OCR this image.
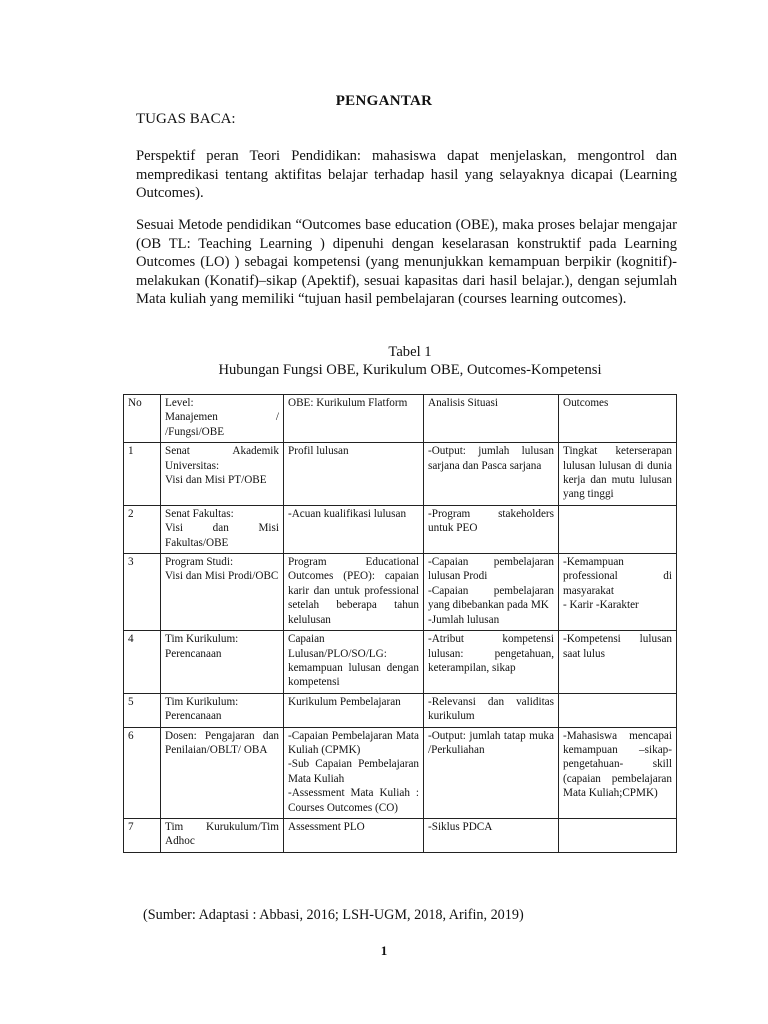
PENGANTAR
TUGAS BACA:
Perspektif peran Teori Pendidikan: mahasiswa dapat menjelaskan, mengontrol dan mempredikasi tentang aktifitas belajar terhadap hasil yang selayaknya dicapai (Learning Outcomes).
Sesuai Metode pendidikan “Outcomes base education (OBE), maka proses belajar mengajar (OB TL: Teaching Learning ) dipenuhi dengan keselarasan konstruktif pada Learning Outcomes (LO) ) sebagai kompetensi (yang menunjukkan kemampuan berpikir (kognitif)-melakukan (Konatif)–sikap (Apektif), sesuai kapasitas dari hasil belajar.), dengan sejumlah Mata kuliah yang memiliki “tujuan hasil pembelajaran (courses learning outcomes).
Tabel 1
Hubungan Fungsi OBE, Kurikulum OBE, Outcomes-Kompetensi
No	Level:
Manajemen / /Fungsi/OBE	OBE: Kurikulum Flatform	Analisis Situasi	Outcomes

1	Senat Akademik Universitas:
Visi dan Misi PT/OBE	Profil lulusan	-Output: jumlah lulusan sarjana dan Pasca sarjana	Tingkat keterserapan lulusan lulusan di dunia kerja dan mutu lulusan yang tinggi

2	Senat Fakultas:
Visi dan Misi Fakultas/OBE	-Acuan kualifikasi lulusan	-Program stakeholders untuk PEO	

3	Program Studi:
Visi dan Misi Prodi/OBC	Program Educational Outcomes (PEO): capaian karir dan untuk professional setelah beberapa tahun kelulusan	-Capaian pembelajaran lulusan Prodi
-Capaian pembelajaran yang dibebankan pada MK
-Jumlah lulusan	-Kemampuan professional di masyarakat
- Karir -Karakter

4	Tim Kurikulum:
Perencanaan	Capaian Lulusan/PLO/SO/LG: kemampuan lulusan dengan kompetensi	-Atribut kompetensi lulusan: pengetahuan, keterampilan, sikap	-Kompetensi lulusan saat lulus

5	Tim Kurikulum:
Perencanaan	Kurikulum Pembelajaran	-Relevansi dan validitas kurikulum	

6	Dosen: Pengajaran dan Penilaian/OBLT/ OBA	-Capaian Pembelajaran Mata Kuliah (CPMK)
-Sub Capaian Pembelajaran Mata Kuliah
-Assessment Mata Kuliah : Courses Outcomes (CO)	-Output: jumlah tatap muka /Perkuliahan	-Mahasiswa mencapai kemampuan –sikap-pengetahuan- skill (capaian pembelajaran Mata Kuliah;CPMK)

7	Tim Kurukulum/Tim Adhoc	Assessment PLO	-Siklus PDCA	

(Sumber: Adaptasi : Abbasi, 2016; LSH-UGM, 2018, Arifin, 2019)
1
